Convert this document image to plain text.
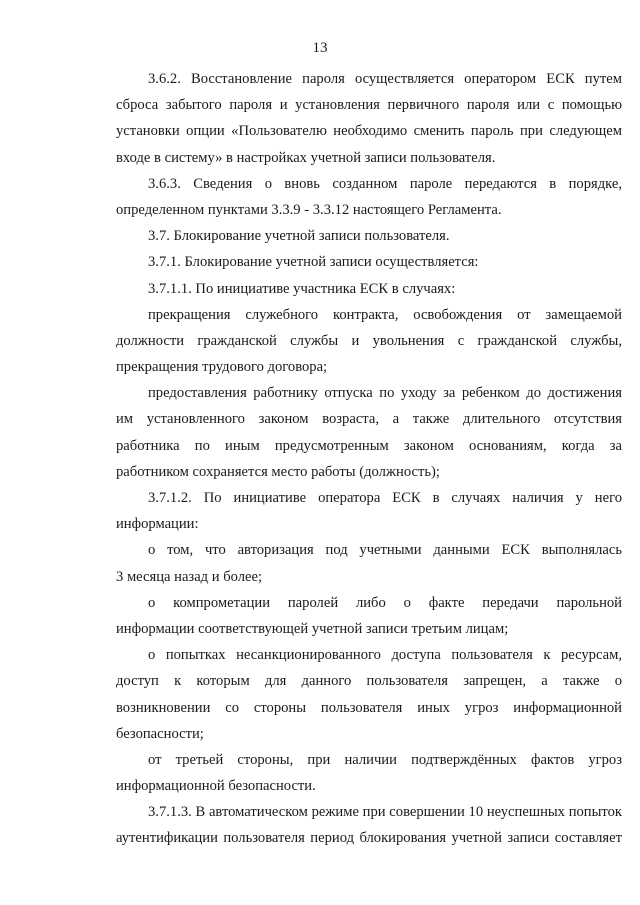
13
3.6.2. Восстановление пароля осуществляется оператором ЕСК путем
сброса забытого пароля и установления первичного пароля или с помощью
установки опции «Пользователю необходимо сменить пароль при следующем
входе в систему» в настройках учетной записи пользователя.
3.6.3. Сведения о вновь созданном пароле передаются в порядке,
определенном пунктами 3.3.9 - 3.3.12 настоящего Регламента.
3.7. Блокирование учетной записи пользователя.
3.7.1. Блокирование учетной записи осуществляется:
3.7.1.1. По инициативе участника ЕСК в случаях:
прекращения служебного контракта, освобождения от замещаемой
должности гражданской службы и увольнения с гражданской службы,
прекращения трудового договора;
предоставления работнику отпуска по уходу за ребенком до достижения
им установленного законом возраста, а также длительного отсутствия
работника по иным предусмотренным законом основаниям, когда за
работником сохраняется место работы (должность);
3.7.1.2. По инициативе оператора ЕСК в случаях наличия у него
информации:
о том, что авторизация под учетными данными ЕСК выполнялась
3 месяца назад и более;
о компрометации паролей либо о факте передачи парольной
информации соответствующей учетной записи третьим лицам;
о попытках несанкционированного доступа пользователя к ресурсам,
доступ к которым для данного пользователя запрещен, а также о
возникновении со стороны пользователя иных угроз информационной
безопасности;
от третьей стороны, при наличии подтверждённых фактов угроз
информационной безопасности.
3.7.1.3. В автоматическом режиме при совершении 10 неуспешных попыток
аутентификации пользователя период блокирования учетной записи составляет
